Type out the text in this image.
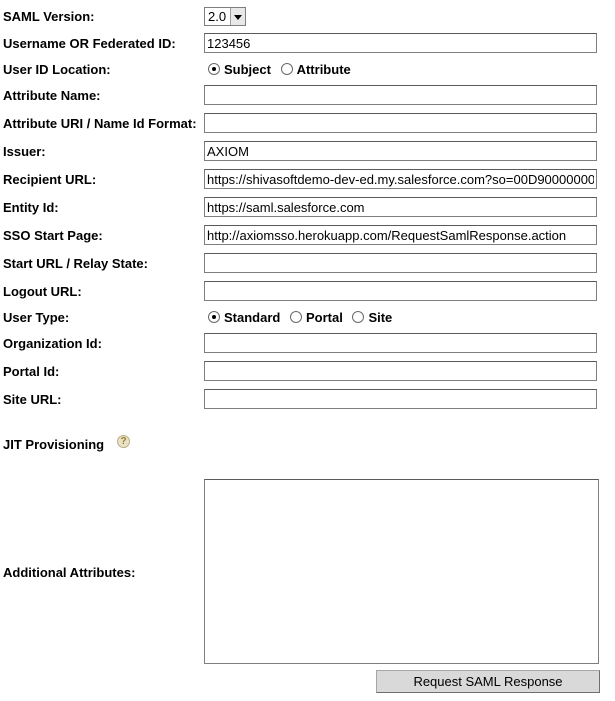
SAML Version:	2.0
Username OR Federated ID:
123456
User ID Location:	Subject Attribute
Attribute Name:
Attribute URI / Name Id Format:
Issuer:
AXIOM
Recipient URL:
https://shivasoftdemo-dev-ed.my.salesforce.com?so=00D90000000Y
Entity Id:
https://saml.salesforce.com
SSO Start Page:
http://axiomsso.herokuapp.com/RequestSamlResponse.action
Start URL / Relay State:
Logout URL:
User Type:	Standard Portal Site
Organization Id:
Portal Id:
Site URL:
JIT Provisioning	?
Additional Attributes:
Request SAML Response
